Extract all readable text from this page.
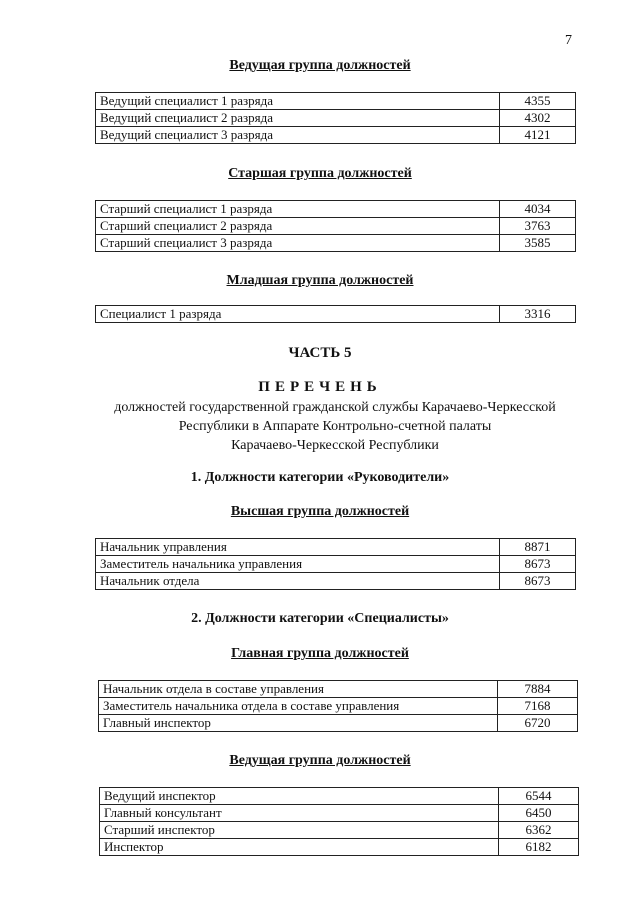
7
Ведущая группа должностей
Ведущий специалист 1 разряда	4355
Ведущий специалист 2 разряда	4302
Ведущий специалист 3 разряда	4121
Старшая группа должностей
Старший специалист 1 разряда	4034
Старший специалист 2 разряда	3763
Старший специалист 3 разряда	3585
Младшая группа должностей
Специалист 1 разряда	3316
ЧАСТЬ 5
ПЕРЕЧЕНЬ
должностей государственной гражданской службы Карачаево-Черкесской
Республики в Аппарате Контрольно-счетной палаты
Карачаево-Черкесской Республики
1. Должности категории «Руководители»
Высшая группа должностей
Начальник управления	8871
Заместитель начальника управления	8673
Начальник отдела	8673
2. Должности категории «Специалисты»
Главная группа должностей
Начальник отдела в составе управления	7884
Заместитель начальника отдела в составе управления	7168
Главный инспектор	6720
Ведущая группа должностей
Ведущий инспектор	6544
Главный консультант	6450
Старший инспектор	6362
Инспектор	6182
